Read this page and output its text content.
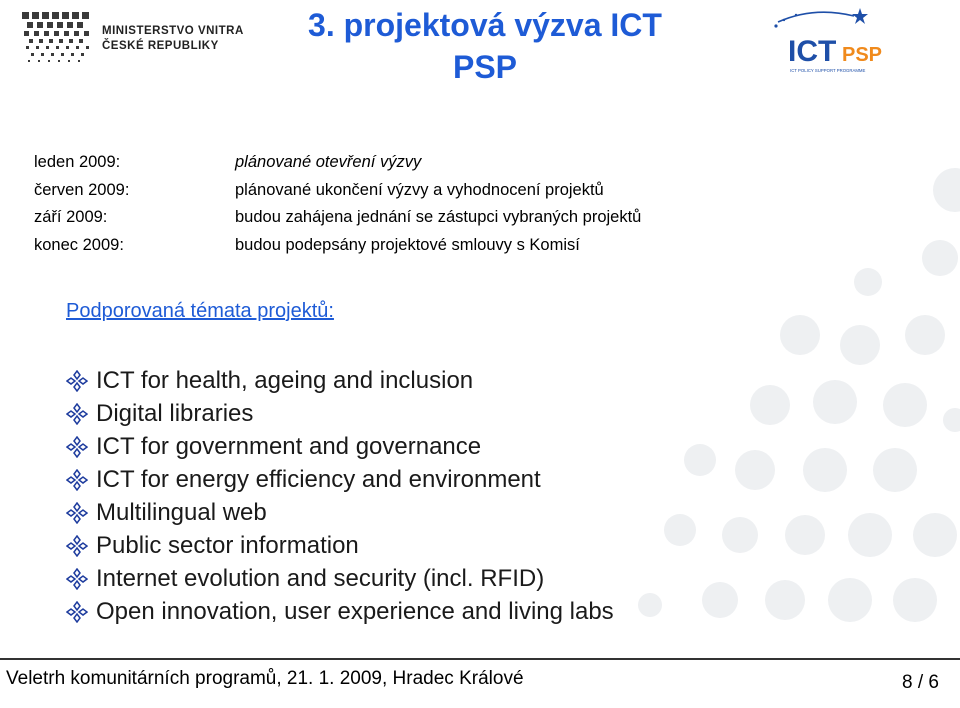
MINISTERSTVO VNITRA
ČESKÉ REPUBLIKY
3. projektová výzva ICT
PSP	ICT PSP
ICT POLICY SUPPORT PROGRAMME
leden 2009:	plánované otevření výzvy
červen 2009:	plánované ukončení výzvy a vyhodnocení projektů
září 2009:	budou zahájena jednání se zástupci vybraných projektů
konec 2009:	budou podepsány projektové smlouvy s Komisí
Podporovaná témata projektů:
ICT for health, ageing and inclusion
Digital libraries
ICT for government and governance
ICT for energy efficiency and environment
Multilingual web
Public sector information
Internet evolution and security (incl. RFID)
Open innovation, user experience and living labs
Veletrh komunitárních programů, 21. 1. 2009, Hradec Králové	8 / 6
